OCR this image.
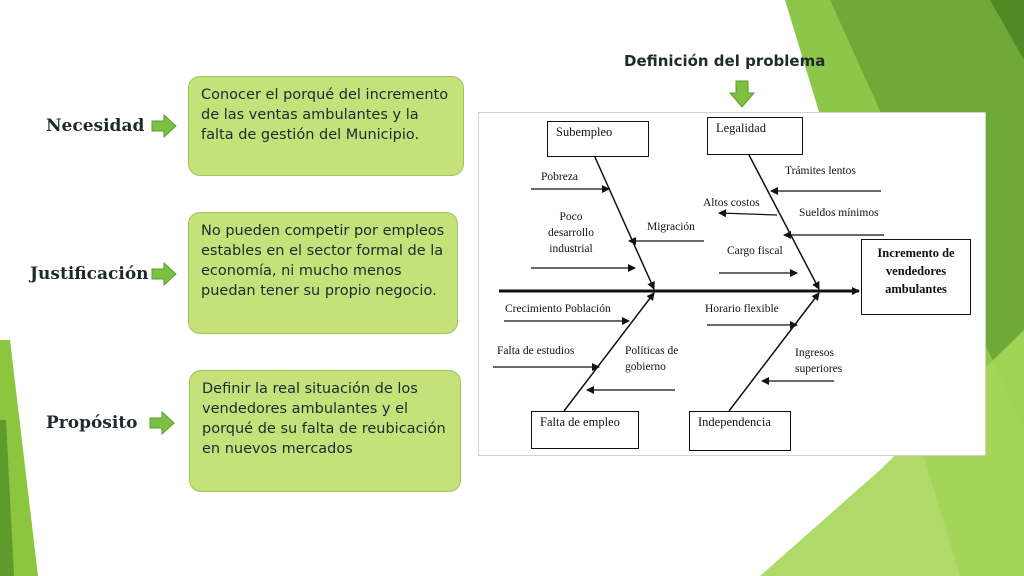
Definición del problema
Necesidad
Conocer el porqué del incremento de las ventas ambulantes y la falta de gestión del Municipio.
Justificación
No pueden competir por empleos estables en el sector formal de la economía, ni mucho menos puedan tener su propio negocio.
Propósito
Definir la real situación de los vendedores ambulantes y el porqué de su falta de reubicación en nuevos mercados
Subempleo	Legalidad
Falta de empleo	Independencia
Incremento de vendedores ambulantes
Pobreza
Poco desarrollo industrial
Migración
Trámites lentos
Altos costos
Sueldos mínimos
Cargo fiscal
Crecimiento Población
Falta de estudios	Políticas de gobierno
Horario flexible
Ingresos superiores
